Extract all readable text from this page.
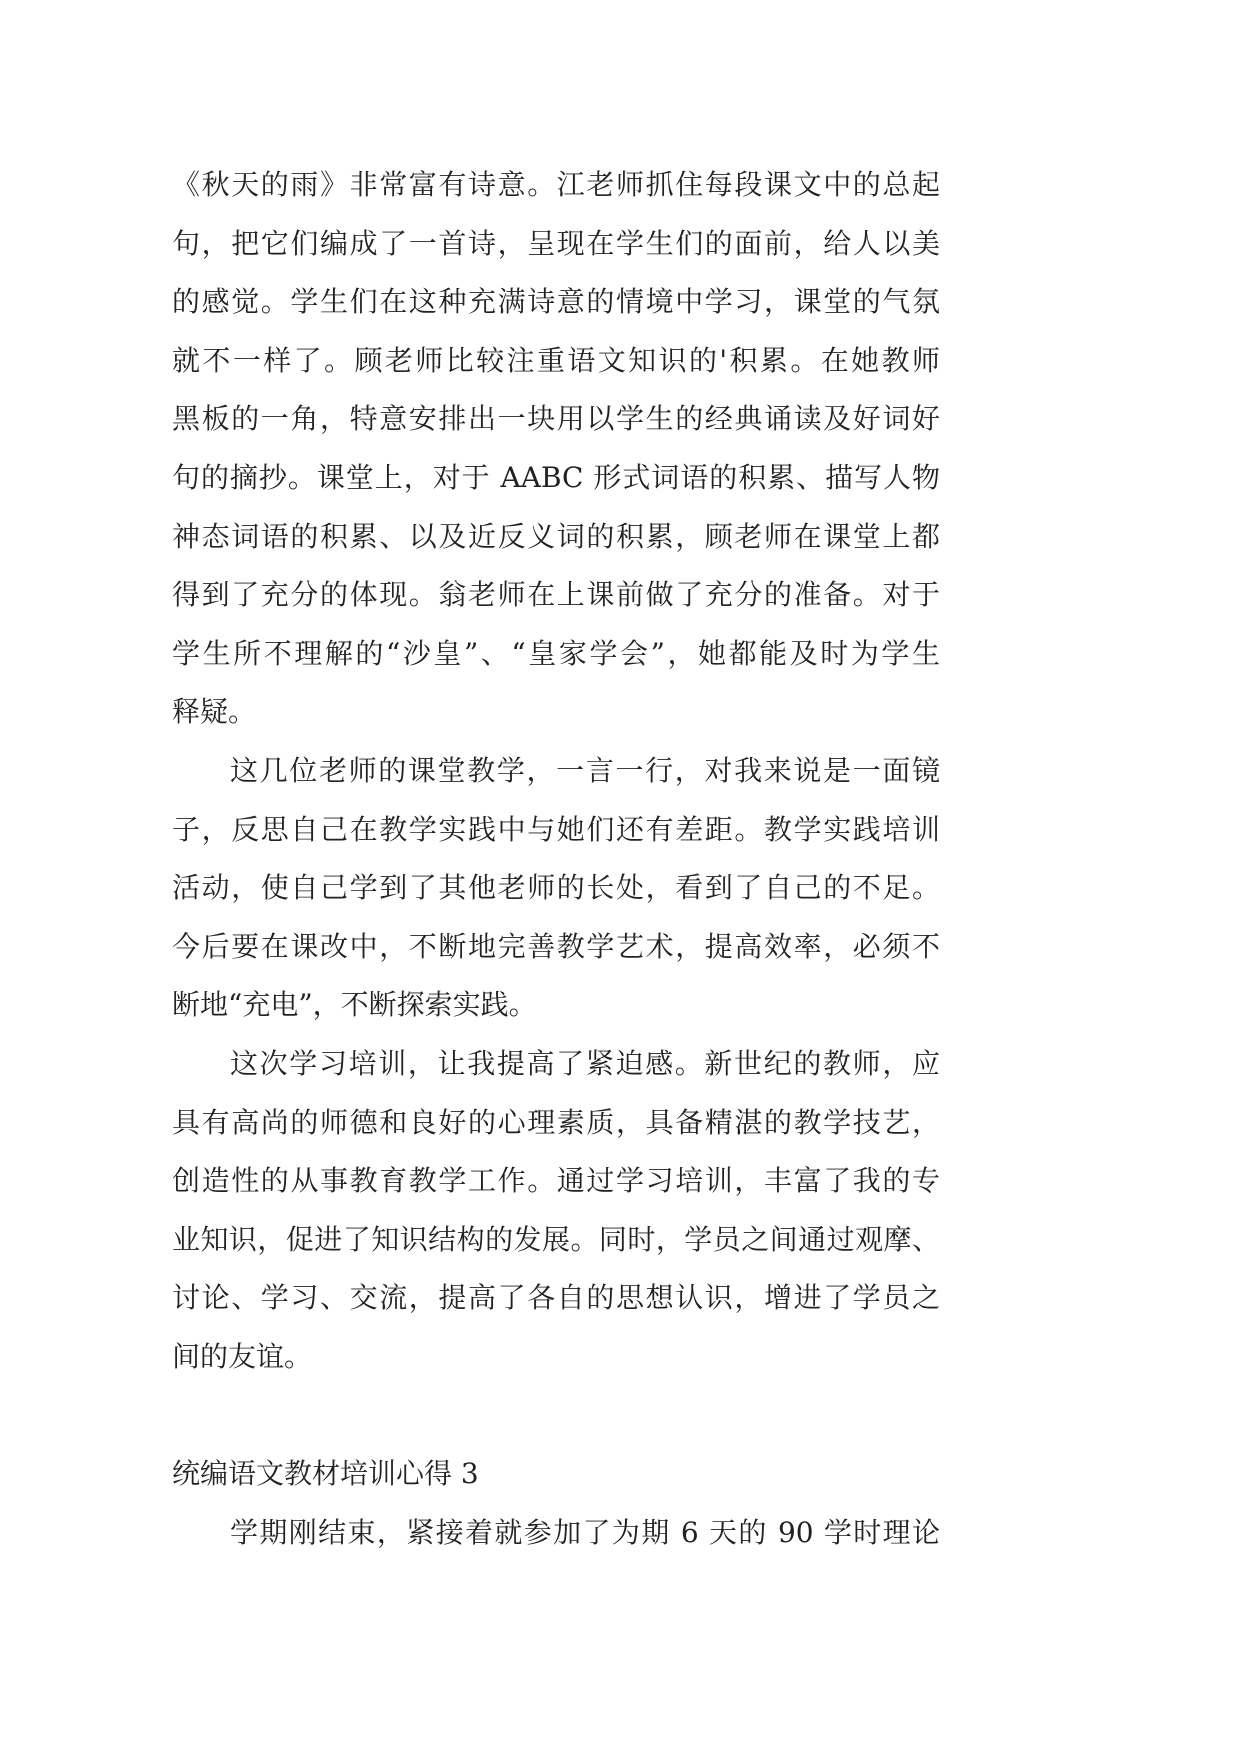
《秋天的雨》非常富有诗意。江老师抓住每段课文中的总起
句，把它们编成了一首诗，呈现在学生们的面前，给人以美
的感觉。学生们在这种充满诗意的情境中学习，课堂的气氛
就不一样了。顾老师比较注重语文知识的'积累。在她教师
黑板的一角，特意安排出一块用以学生的经典诵读及好词好
句的摘抄。课堂上，对于 AABC 形式词语的积累、描写人物
神态词语的积累、以及近反义词的积累，顾老师在课堂上都
得到了充分的体现。翁老师在上课前做了充分的准备。对于
学生所不理解的“沙皇”、“皇家学会”，她都能及时为学生
释疑。
这几位老师的课堂教学，一言一行，对我来说是一面镜
子，反思自己在教学实践中与她们还有差距。教学实践培训
活动，使自己学到了其他老师的长处，看到了自己的不足。
今后要在课改中，不断地完善教学艺术，提高效率，必须不
断地“充电”，不断探索实践。
这次学习培训，让我提高了紧迫感。新世纪的教师，应
具有高尚的师德和良好的心理素质，具备精湛的教学技艺，
创造性的从事教育教学工作。通过学习培训，丰富了我的专
业知识，促进了知识结构的发展。同时，学员之间通过观摩、
讨论、学习、交流，提高了各自的思想认识，增进了学员之
间的友谊。
统编语文教材培训心得 3
学期刚结束，紧接着就参加了为期 6 天的 90 学时理论
